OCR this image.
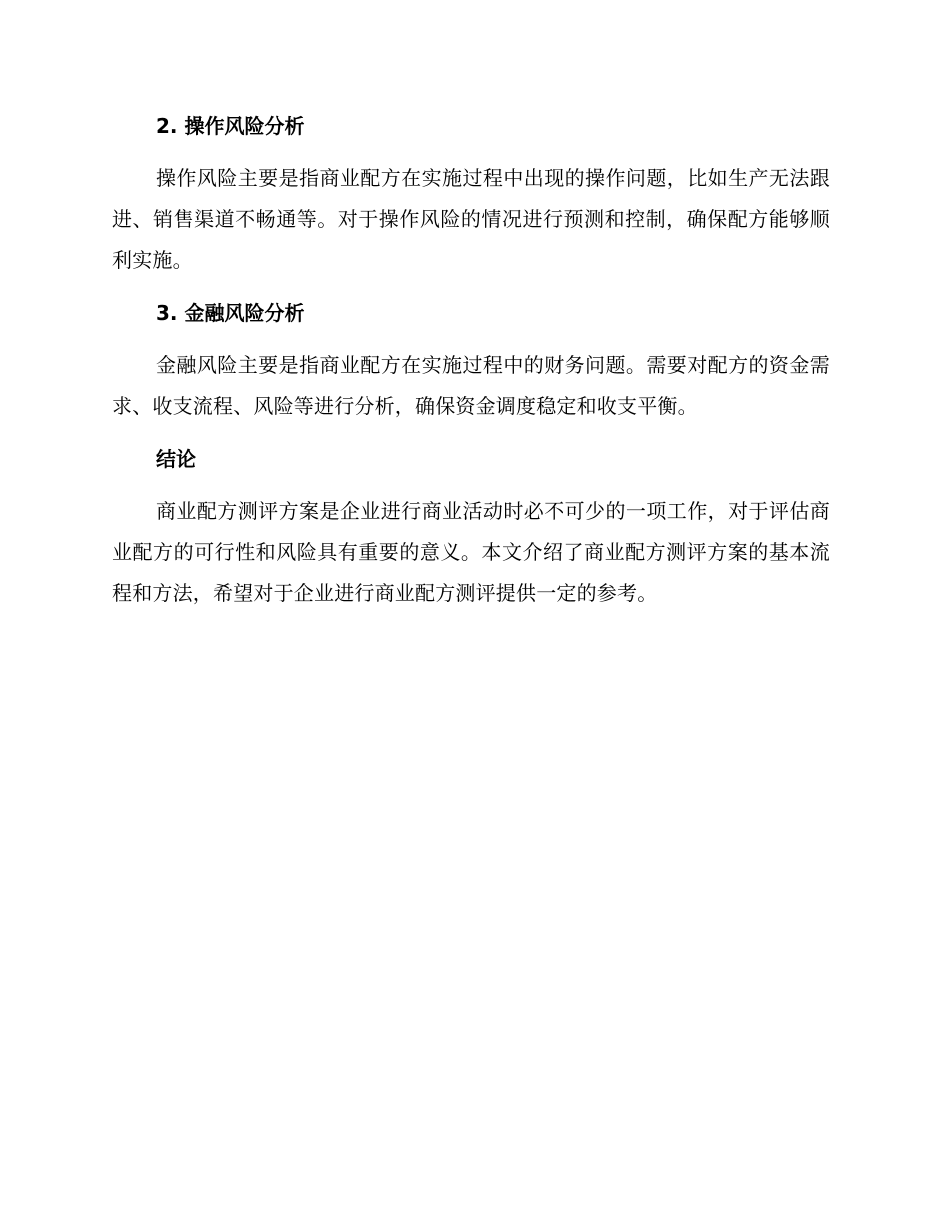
2. 操作风险分析

操作风险主要是指商业配方在实施过程中出现的操作问题，比如生产无法跟进、销售渠道不畅通等。对于操作风险的情况进行预测和控制，确保配方能够顺利实施。

3. 金融风险分析

金融风险主要是指商业配方在实施过程中的财务问题。需要对配方的资金需求、收支流程、风险等进行分析，确保资金调度稳定和收支平衡。

结论

商业配方测评方案是企业进行商业活动时必不可少的一项工作，对于评估商业配方的可行性和风险具有重要的意义。本文介绍了商业配方测评方案的基本流程和方法，希望对于企业进行商业配方测评提供一定的参考。
